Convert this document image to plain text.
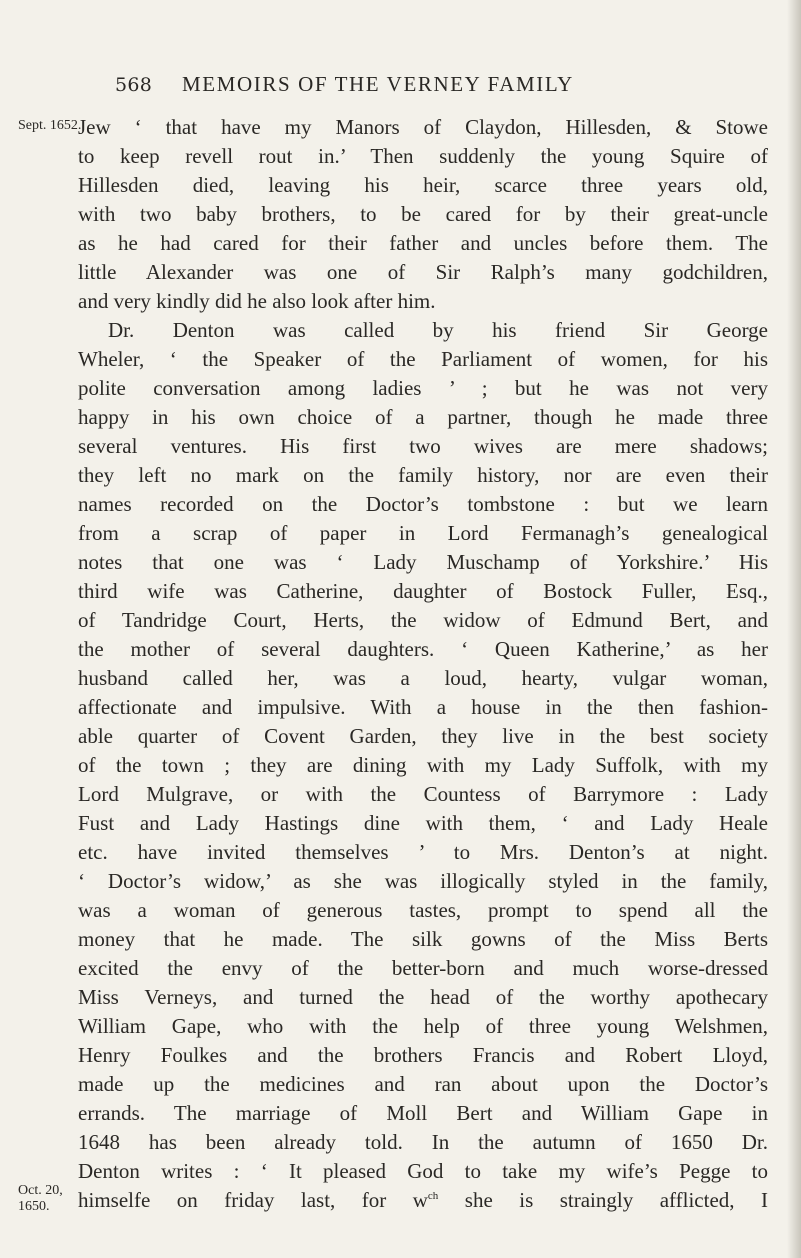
568 MEMOIRS OF THE VERNEY FAMILY
Sept. 1652.
Oct. 20,
1650.
Jew ‘ that have my Manors of Claydon, Hillesden, & Stowe
to keep revell rout in.’ Then suddenly the young Squire of
Hillesden died, leaving his heir, scarce three years old,
with two baby brothers, to be cared for by their great-uncle
as he had cared for their father and uncles before them. The
little Alexander was one of Sir Ralph’s many godchildren,
and very kindly did he also look after him.
Dr. Denton was called by his friend Sir George
Wheler, ‘ the Speaker of the Parliament of women, for his
polite conversation among ladies ’ ; but he was not very
happy in his own choice of a partner, though he made three
several ventures. His first two wives are mere shadows;
they left no mark on the family history, nor are even their
names recorded on the Doctor’s tombstone : but we learn
from a scrap of paper in Lord Fermanagh’s genealogical
notes that one was ‘ Lady Muschamp of Yorkshire.’ His
third wife was Catherine, daughter of Bostock Fuller, Esq.,
of Tandridge Court, Herts, the widow of Edmund Bert, and
the mother of several daughters. ‘ Queen Katherine,’ as her
husband called her, was a loud, hearty, vulgar woman,
affectionate and impulsive. With a house in the then fashion-
able quarter of Covent Garden, they live in the best society
of the town ; they are dining with my Lady Suffolk, with my
Lord Mulgrave, or with the Countess of Barrymore : Lady
Fust and Lady Hastings dine with them, ‘ and Lady Heale
etc. have invited themselves ’ to Mrs. Denton’s at night.
‘ Doctor’s widow,’ as she was illogically styled in the family,
was a woman of generous tastes, prompt to spend all the
money that he made. The silk gowns of the Miss Berts
excited the envy of the better-born and much worse-dressed
Miss Verneys, and turned the head of the worthy apothecary
William Gape, who with the help of three young Welshmen,
Henry Foulkes and the brothers Francis and Robert Lloyd,
made up the medicines and ran about upon the Doctor’s
errands. The marriage of Moll Bert and William Gape in
1648 has been already told. In the autumn of 1650 Dr.
Denton writes : ‘ It pleased God to take my wife’s Pegge to
himselfe on friday last, for $w^{ch}$ she is straingly afflicted, I
